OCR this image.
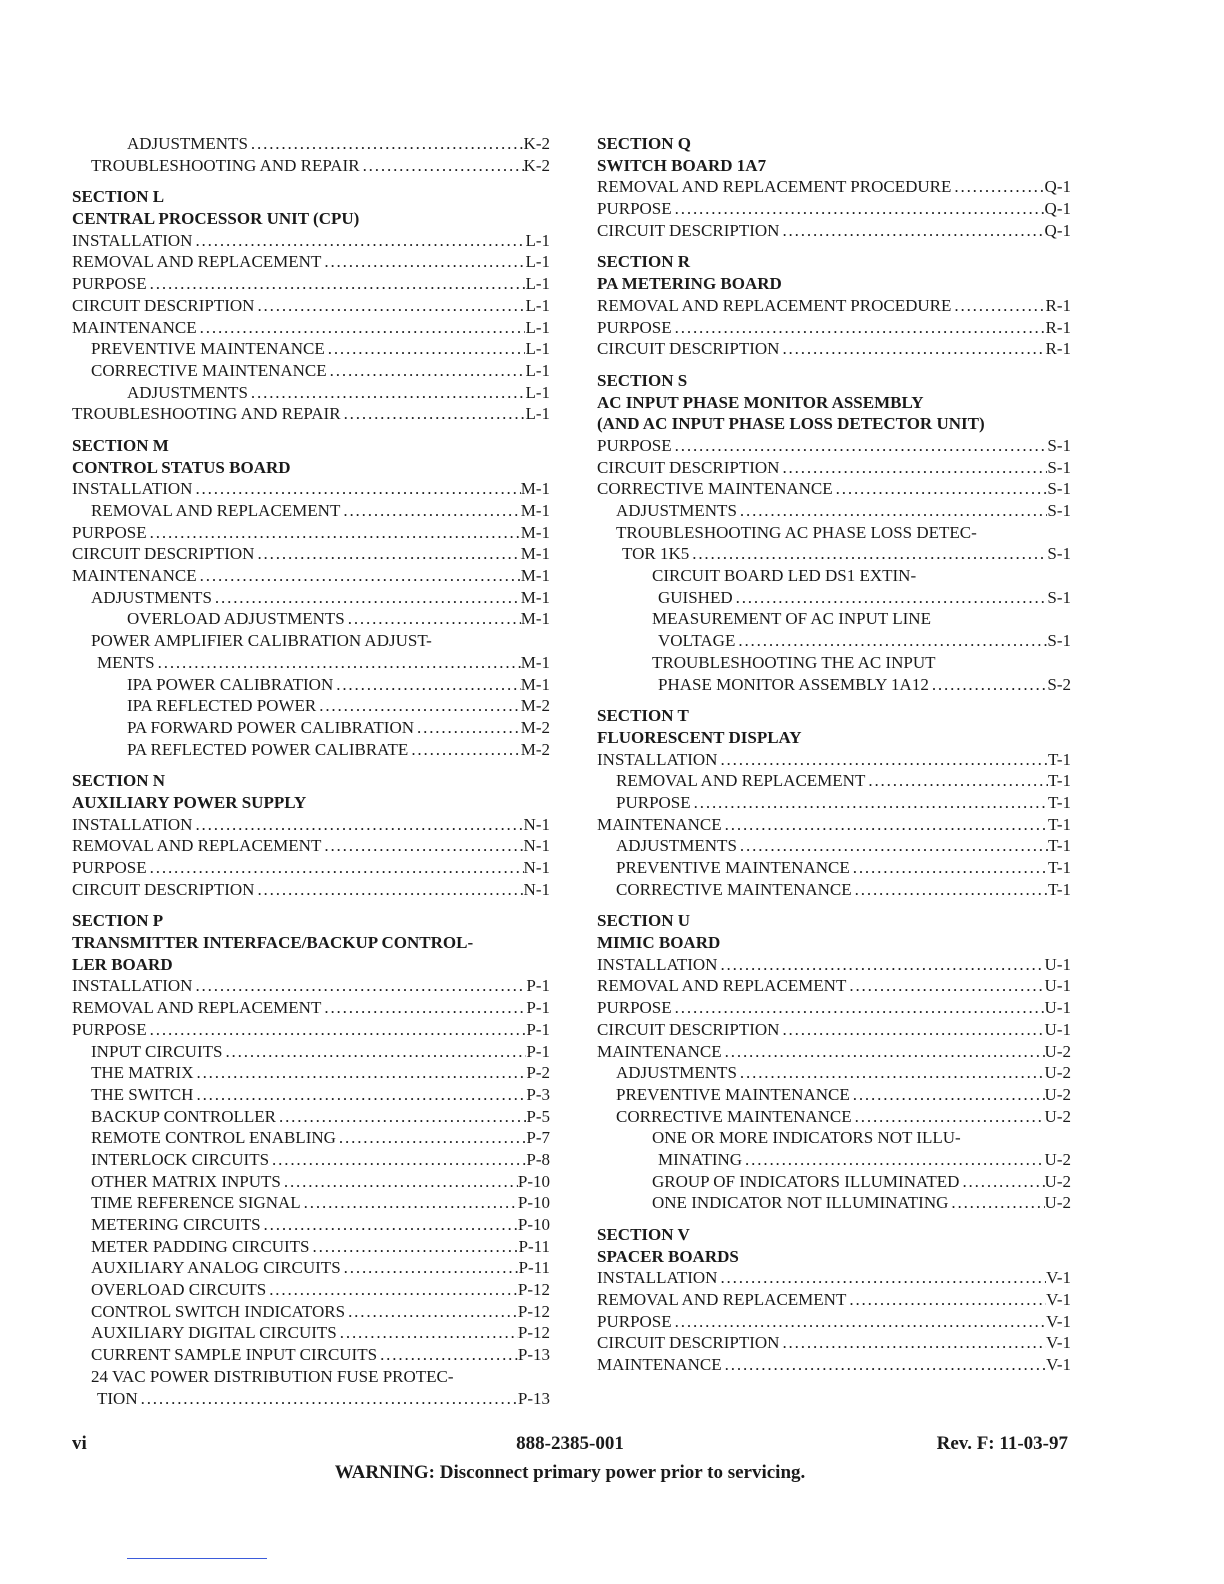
ADJUSTMENTS . . .	K-2
TROUBLESHOOTING AND REPAIR . . .	K-2
SECTION L
CENTRAL PROCESSOR UNIT (CPU)
INSTALLATION . . .	L-1
REMOVAL AND REPLACEMENT . . .	L-1
PURPOSE . . .	L-1
CIRCUIT DESCRIPTION . . .	L-1
MAINTENANCE . . .	L-1
PREVENTIVE MAINTENANCE . . .	L-1
CORRECTIVE MAINTENANCE . . .	L-1
ADJUSTMENTS . . .	L-1
TROUBLESHOOTING AND REPAIR . . .	L-1
SECTION M
CONTROL STATUS BOARD
INSTALLATION . . .	M-1
REMOVAL AND REPLACEMENT . . .	M-1
PURPOSE . . .	M-1
CIRCUIT DESCRIPTION . . .	M-1
MAINTENANCE . . .	M-1
ADJUSTMENTS . . .	M-1
OVERLOAD ADJUSTMENTS . . .	M-1
POWER AMPLIFIER CALIBRATION ADJUST-
MENTS . . .	M-1
IPA POWER CALIBRATION . . .	M-1
IPA REFLECTED POWER . . .	M-2
PA FORWARD POWER CALIBRATION . . .	M-2
PA REFLECTED POWER CALIBRATE . . .	M-2
SECTION N
AUXILIARY POWER SUPPLY
INSTALLATION . . .	N-1
REMOVAL AND REPLACEMENT . . .	N-1
PURPOSE . . .	N-1
CIRCUIT DESCRIPTION . . .	N-1
SECTION P
TRANSMITTER INTERFACE/BACKUP CONTROL-
LER BOARD
INSTALLATION . . .	P-1
REMOVAL AND REPLACEMENT . . .	P-1
PURPOSE . . .	P-1
INPUT CIRCUITS . . .	P-1
THE MATRIX . . .	P-2
THE SWITCH . . .	P-3
BACKUP CONTROLLER . . .	P-5
REMOTE CONTROL ENABLING . . .	P-7
INTERLOCK CIRCUITS . . .	P-8
OTHER MATRIX INPUTS . . .	P-10
TIME REFERENCE SIGNAL . . .	P-10
METERING CIRCUITS . . .	P-10
METER PADDING CIRCUITS . . .	P-11
AUXILIARY ANALOG CIRCUITS . . .	P-11
OVERLOAD CIRCUITS . . .	P-12
CONTROL SWITCH INDICATORS . . .	P-12
AUXILIARY DIGITAL CIRCUITS . . .	P-12
CURRENT SAMPLE INPUT CIRCUITS . . .	P-13
24 VAC POWER DISTRIBUTION FUSE PROTEC-
TION . . .	P-13
SECTION Q
SWITCH BOARD 1A7
REMOVAL AND REPLACEMENT PROCEDURE . . .	Q-1
PURPOSE . . .	Q-1
CIRCUIT DESCRIPTION . . .	Q-1
SECTION R
PA METERING BOARD
REMOVAL AND REPLACEMENT PROCEDURE . . .	R-1
PURPOSE . . .	R-1
CIRCUIT DESCRIPTION . . .	R-1
SECTION S
AC INPUT PHASE MONITOR ASSEMBLY
(AND AC INPUT PHASE LOSS DETECTOR UNIT)
PURPOSE . . .	S-1
CIRCUIT DESCRIPTION . . .	S-1
CORRECTIVE MAINTENANCE . . .	S-1
ADJUSTMENTS . . .	S-1
TROUBLESHOOTING AC PHASE LOSS DETEC-
TOR 1K5 . . .	S-1
CIRCUIT BOARD LED DS1 EXTIN-
GUISHED . . .	S-1
MEASUREMENT OF AC INPUT LINE
VOLTAGE . . .	S-1
TROUBLESHOOTING THE AC INPUT
PHASE MONITOR ASSEMBLY 1A12 . . .	S-2
SECTION T
FLUORESCENT DISPLAY
INSTALLATION . . .	T-1
REMOVAL AND REPLACEMENT . . .	T-1
PURPOSE . . .	T-1
MAINTENANCE . . .	T-1
ADJUSTMENTS . . .	T-1
PREVENTIVE MAINTENANCE . . .	T-1
CORRECTIVE MAINTENANCE . . .	T-1
SECTION U
MIMIC BOARD
INSTALLATION . . .	U-1
REMOVAL AND REPLACEMENT . . .	U-1
PURPOSE . . .	U-1
CIRCUIT DESCRIPTION . . .	U-1
MAINTENANCE . . .	U-2
ADJUSTMENTS . . .	U-2
PREVENTIVE MAINTENANCE . . .	U-2
CORRECTIVE MAINTENANCE . . .	U-2
ONE OR MORE INDICATORS NOT ILLU-
MINATING . . .	U-2
GROUP OF INDICATORS ILLUMINATED . . .	U-2
ONE INDICATOR NOT ILLUMINATING . . .	U-2
SECTION V
SPACER BOARDS
INSTALLATION . . .	V-1
REMOVAL AND REPLACEMENT . . .	V-1
PURPOSE . . .	V-1
CIRCUIT DESCRIPTION . . .	V-1
MAINTENANCE . . .	V-1
vi	888-2385-001	Rev. F: 11-03-97
WARNING: Disconnect primary power prior to servicing.
